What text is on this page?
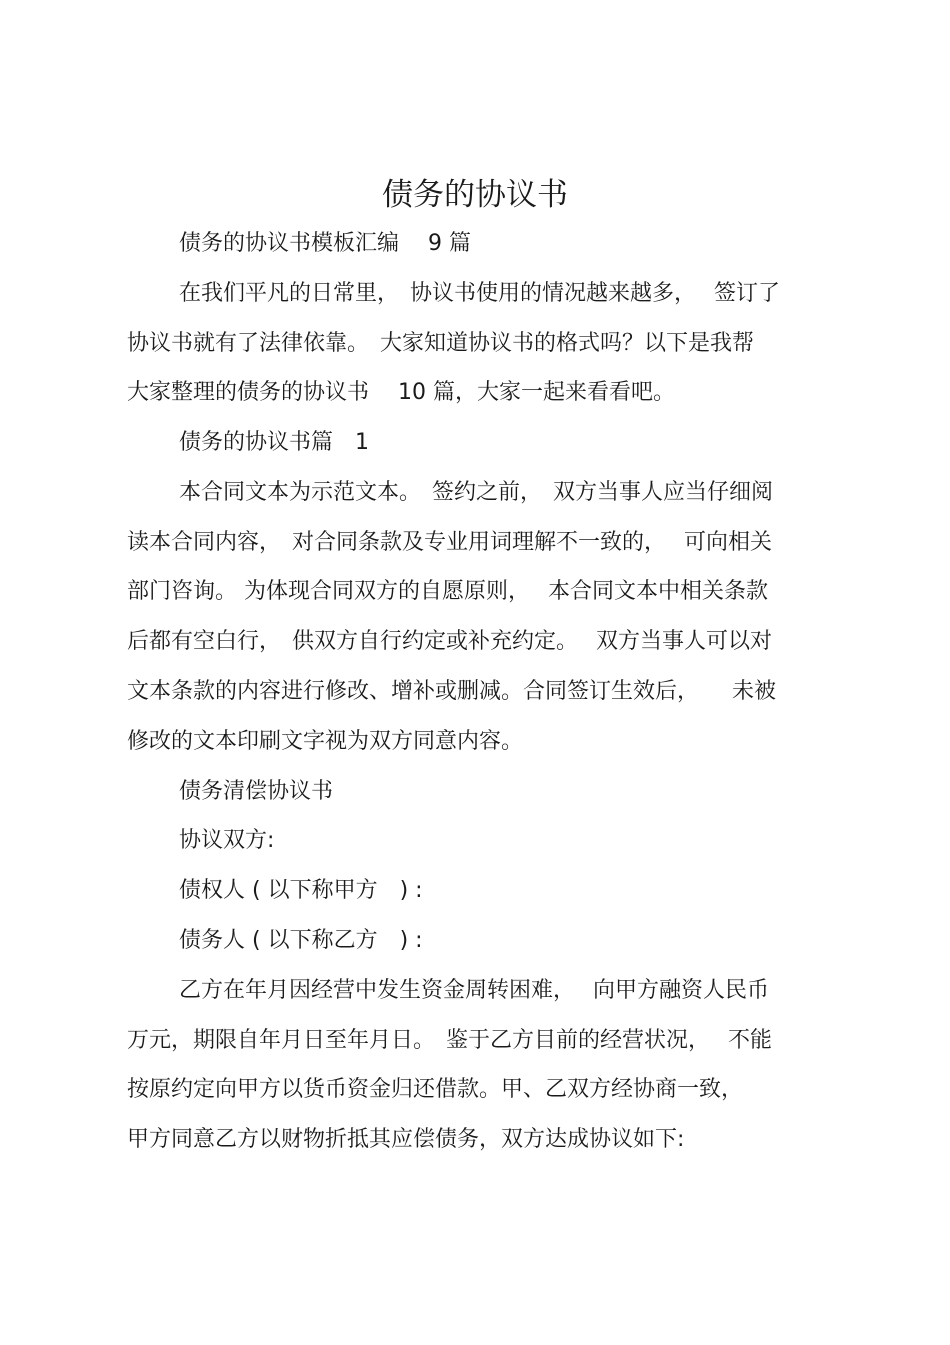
债务的协议书
债务的协议书模板汇编　 9 篇
在我们平凡的日常里，　协议书使用的情况越来越多，　 签订了
协议书就有了法律依靠。　大家知道协议书的格式吗？以下是我帮
大家整理的债务的协议书　 10 篇，大家一起来看看吧。
债务的协议书篇　1
本合同文本为示范文本。　签约之前，　双方当事人应当仔细阅
读本合同内容，　对合同条款及专业用词理解不一致的，　 可向相关
部门咨询。 为体现合同双方的自愿原则，　 本合同文本中相关条款
后都有空白行，　供双方自行约定或补充约定。　 双方当事人可以对
文本条款的内容进行修改、增补或删减。合同签订生效后，　　未被
修改的文本印刷文字视为双方同意内容。
债务清偿协议书
协议双方:
债权人 ( 以下称甲方　) :
债务人 ( 以下称乙方　) :
乙方在年月因经营中发生资金周转困难，　 向甲方融资人民币
万元，期限自年月日至年月日。　鉴于乙方目前的经营状况，　 不能
按原约定向甲方以货币资金归还借款。甲、乙双方经协商一致，
甲方同意乙方以财物折抵其应偿债务，双方达成协议如下:
